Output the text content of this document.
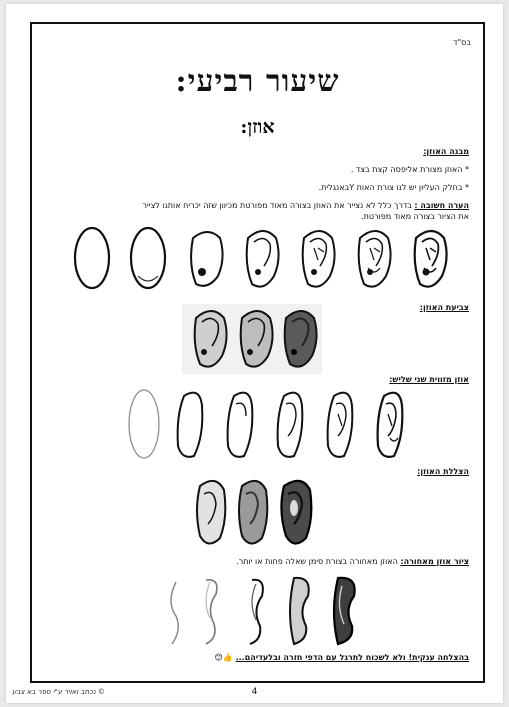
בס"ד
שיעור רביעי:
אוזן:
מבנה האוזן:
* האוזן מצורת אליפסה קצת בצד .
* בחלק העליון יש לנו צורת האות Yבאנגלית.
הערה חשובה : בדרך כלל לא נצייר את האוזן בצורה מאוד מפורטת מכיוון שזה יכריח אותנו לצייר
את הציור בצורה מאוד מפורטת.
צביעת האוזן:
אוזן מזווית שני שליש:
הצללת האוזן:
ציור אוזן מאחורה: האוזן מאחורה בצורת סימן שאלה פחות או יותר.
בהצלחה ענקית! ולא לשכוח לתרגל עם הדפי חזרה ובלעדיהם... 👍😊
© נכתב ואויר ע"י ספר בא צבע	4
